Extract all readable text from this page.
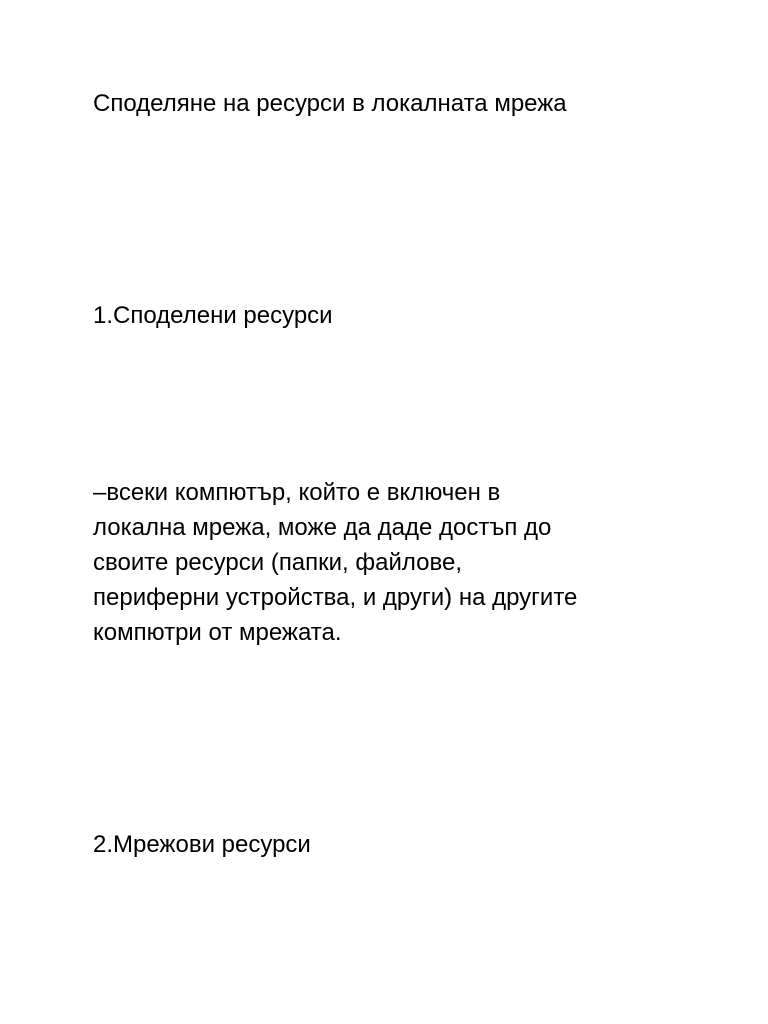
Споделяне на ресурси в локалната мрежа
1.Споделени ресурси

–всеки компютър, който е включен в
локална мрежа, може да даде достъп до
своите ресурси (папки, файлове,
периферни устройства, и други) на другите
компютри от мрежата.

2.Мрежови ресурси
